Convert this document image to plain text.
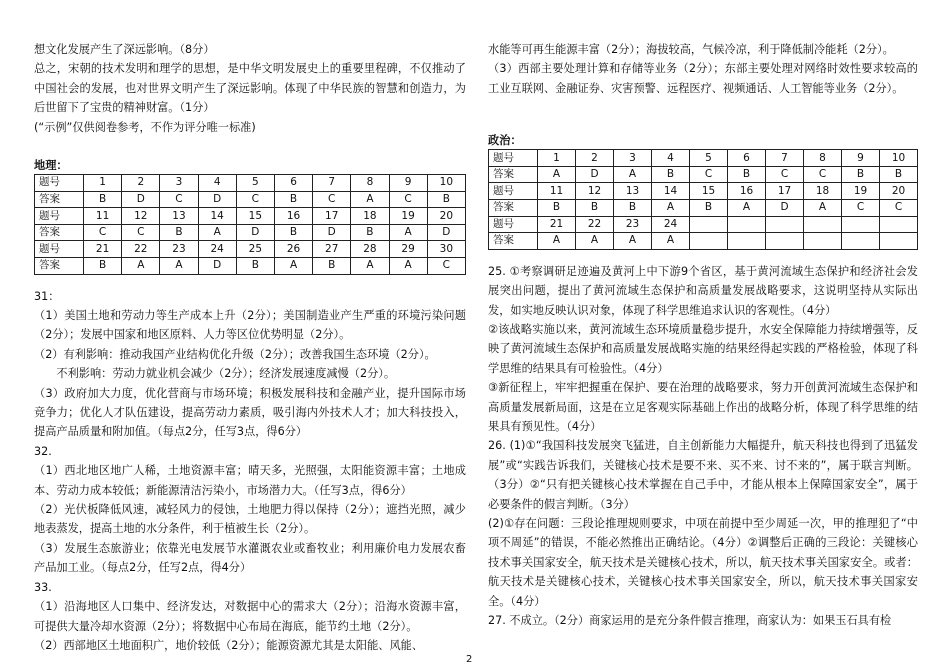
想文化发展产生了深远影响。（8分）

总之，宋朝的技术发明和理学的思想，是中华文明发展史上的重要里程碑，不仅推动了中国社会的发展，也对世界文明产生了深远影响。体现了中华民族的智慧和创造力，为后世留下了宝贵的精神财富。（1分）

(“示例”仅供阅卷参考，不作为评分唯一标准)

地理：
题号	1	2	3	4	5	6	7	8	9	10
答案	B	D	C	D	C	B	C	A	C	B
题号	11	12	13	14	15	16	17	18	19	20
答案	C	C	B	A	D	B	D	B	A	D
题号	21	22	23	24	25	26	27	28	29	30
答案	B	A	A	D	B	A	B	A	A	C

31：

（1）美国土地和劳动力等生产成本上升（2分）；美国制造业产生严重的环境污染问题（2分）；发展中国家和地区原料、人力等区位优势明显（2分）。

（2）有利影响：推动我国产业结构优化升级（2分）；改善我国生态环境（2分）。

　　不利影响：劳动力就业机会减少（2分）；经济发展速度减慢（2分）。

（3）政府加大力度，优化营商与市场环境；积极发展科技和金融产业，提升国际市场竞争力；优化人才队伍建设，提高劳动力素质，吸引海内外技术人才；加大科技投入，提高产品质量和附加值。（每点2分，任写3点，得6分）

32.

（1）西北地区地广人稀，土地资源丰富；晴天多，光照强，太阳能资源丰富；土地成本、劳动力成本较低；新能源清洁污染小，市场潜力大。（任写3点，得6分）

（2）光伏板降低风速，减轻风力的侵蚀，土地肥力得以保持（2分）；遮挡光照，减少地表蒸发，提高土地的水分条件，利于植被生长（2分）。

（3）发展生态旅游业；依靠光电发展节水灌溉农业或畜牧业；利用廉价电力发展农畜产品加工业。（每点2分，任写2点，得4分）

33.

（1）沿海地区人口集中、经济发达，对数据中心的需求大（2分）；沿海水资源丰富，可提供大量冷却水资源（2分）；将数据中心布局在海底，能节约土地（2分）。

（2）西部地区土地面积广，地价较低（2分）；能源资源尤其是太阳能、风能、

水能等可再生能源丰富（2分）；海拔较高，气候冷凉，利于降低制冷能耗（2分）。

（3）西部主要处理计算和存储等业务（2分）；东部主要处理对网络时效性要求较高的工业互联网、金融证券、灾害预警、远程医疗、视频通话、人工智能等业务（2分）。

政治：
题号	1	2	3	4	5	6	7	8	9	10
答案	A	D	A	B	C	B	C	C	B	B
题号	11	12	13	14	15	16	17	18	19	20
答案	B	B	B	A	B	A	D	A	C	C
题号	21	22	23	24						
答案	A	A	A	A						

25. ①考察调研足迹遍及黄河上中下游9个省区，基于黄河流域生态保护和经济社会发展突出问题，提出了黄河流域生态保护和高质量发展战略要求，这说明坚持从实际出发，如实地反映认识对象，体现了科学思维追求认识的客观性。（4分）

②该战略实施以来，黄河流域生态环境质量稳步提升，水安全保障能力持续增强等，反映了黄河流域生态保护和高质量发展战略实施的结果经得起实践的严格检验，体现了科学思维的结果具有可检验性。（4分）

③新征程上，牢牢把握重在保护、要在治理的战略要求，努力开创黄河流域生态保护和高质量发展新局面，这是在立足客观实际基础上作出的战略分析，体现了科学思维的结果具有预见性。（4分）

26. (1)①“我国科技发展突飞猛进，自主创新能力大幅提升，航天科技也得到了迅猛发展”或“实践告诉我们，关键核心技术是要不来、买不来、讨不来的”，属于联言判断。（3分）②“只有把关键核心技术掌握在自己手中，才能从根本上保障国家安全”，属于必要条件的假言判断。（3分）

(2)①存在问题：三段论推理规则要求，中项在前提中至少周延一次，甲的推理犯了“中项不周延”的错误，不能必然推出正确结论。（4分）②调整后正确的三段论：关键核心技术事关国家安全，航天技术是关键核心技术，所以，航天技术事关国家安全。或者：航天技术是关键核心技术，关键核心技术事关国家安全，所以，航天技术事关国家安全。（4分）

27. 不成立。（2分）商家运用的是充分条件假言推理，商家认为：如果玉石具有检

2
